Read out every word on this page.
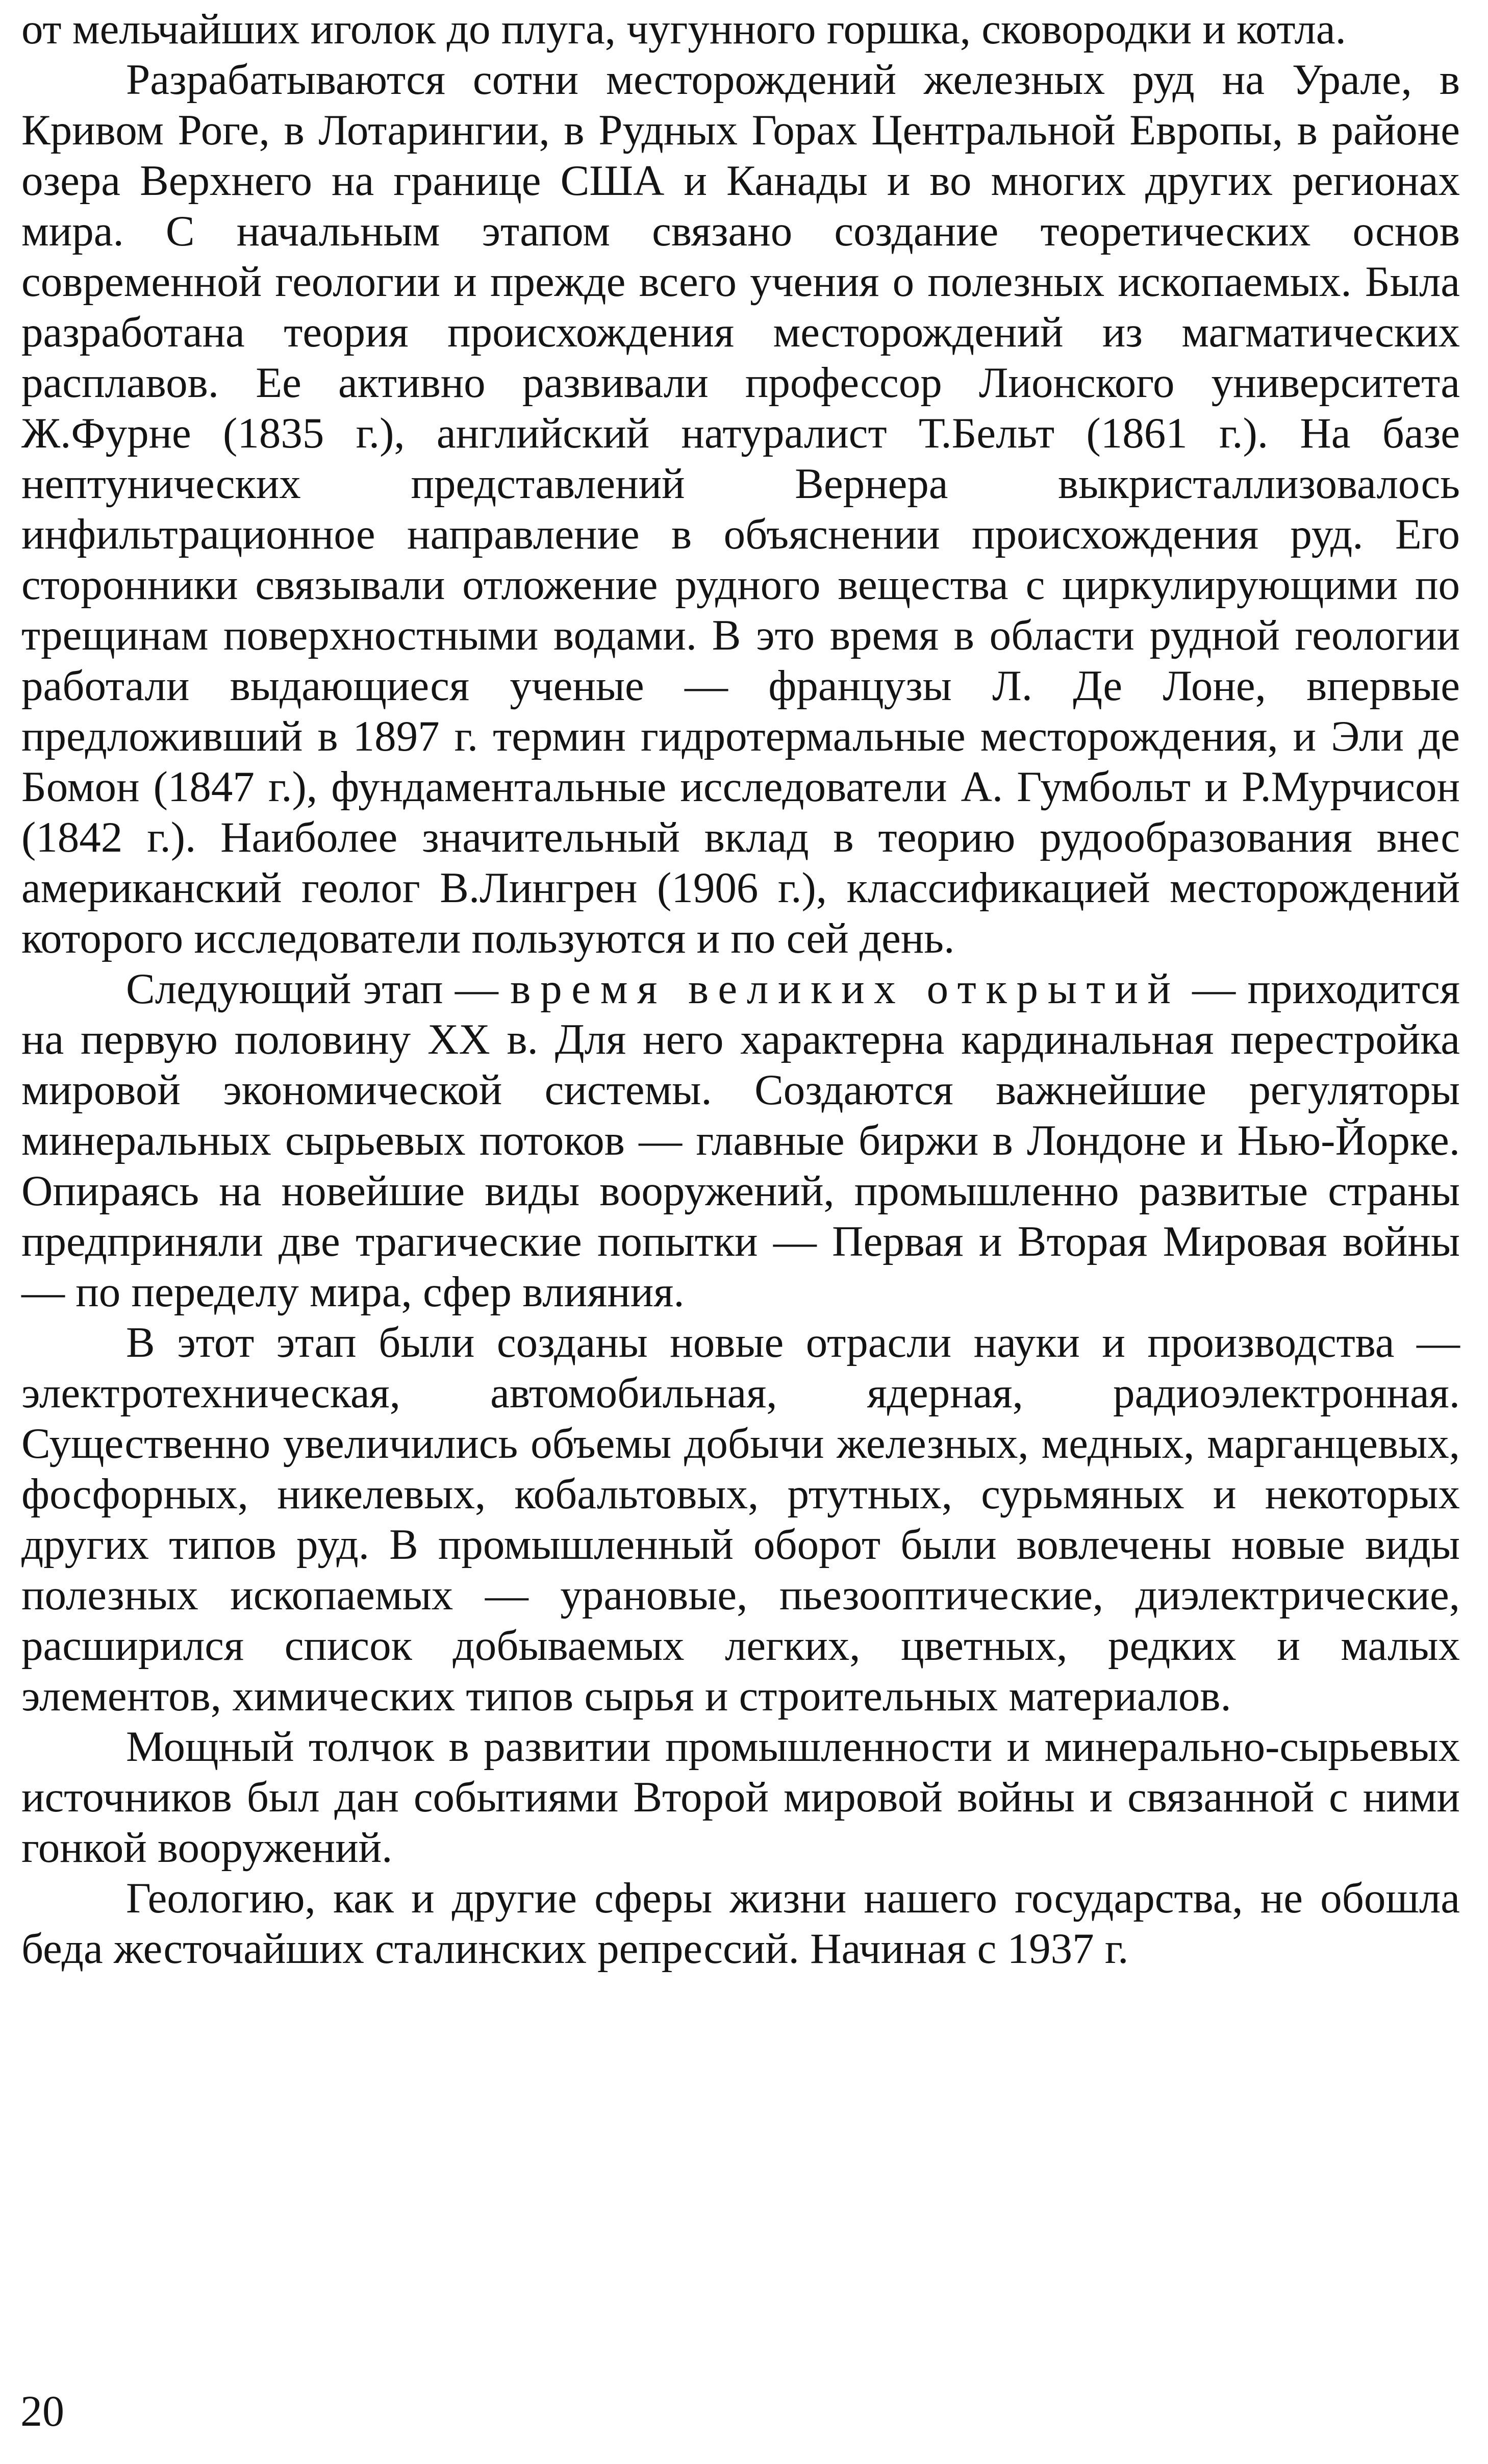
от мельчайших иголок до плуга, чугунного горшка, сковородки и котла.

Разрабатываются сотни месторождений железных руд на Урале, в Кривом Роге, в Лотарингии, в Рудных Горах Центральной Европы, в районе озера Верхнего на границе США и Канады и во многих других регионах мира. С начальным этапом связано создание теоретических основ современной геологии и прежде всего учения о полезных ископаемых. Была разработана теория происхождения месторождений из магматических расплавов. Ее активно развивали профессор Лионского университета Ж.Фурне (1835 г.), английский натуралист Т.Бельт (1861 г.). На базе нептунических представлений Вернера выкристаллизовалось инфильтрационное направление в объяснении происхождения руд. Его сторонники связывали отложение рудного вещества с циркулирующими по трещинам поверхностными водами. В это время в области рудной геологии работали выдающиеся ученые — французы Л. Де Лоне, впервые предложивший в 1897 г. термин гидротермальные месторождения, и Эли де Бомон (1847 г.), фундаментальные исследователи А. Гумбольт и Р.Мурчисон (1842 г.). Наиболее значительный вклад в теорию рудообразования внес американский геолог В.Лингрен (1906 г.), классификацией месторождений которого исследователи пользуются и по сей день.

Следующий этап — время великих открытий — приходится на первую половину XX в. Для него характерна кардинальная перестройка мировой экономической системы. Создаются важнейшие регуляторы минеральных сырьевых потоков — главные биржи в Лондоне и Нью-Йорке. Опираясь на новейшие виды вооружений, промышленно развитые страны предприняли две трагические попытки — Первая и Вторая Мировая войны — по переделу мира, сфер влияния.

В этот этап были созданы новые отрасли науки и производства — электротехническая, автомобильная, ядерная, радиоэлектронная. Существенно увеличились объемы добычи железных, медных, марганцевых, фосфорных, никелевых, кобальтовых, ртутных, сурьмяных и некоторых других типов руд. В промышленный оборот были вовлечены новые виды полезных ископаемых — урановые, пьезооптические, диэлектрические, расширился список добываемых легких, цветных, редких и малых элементов, химических типов сырья и строительных материалов.

Мощный толчок в развитии промышленности и минерально-сырьевых источников был дан событиями Второй мировой войны и связанной с ними гонкой вооружений.

Геологию, как и другие сферы жизни нашего государства, не обошла беда жесточайших сталинских репрессий. Начиная с 1937 г.

20
